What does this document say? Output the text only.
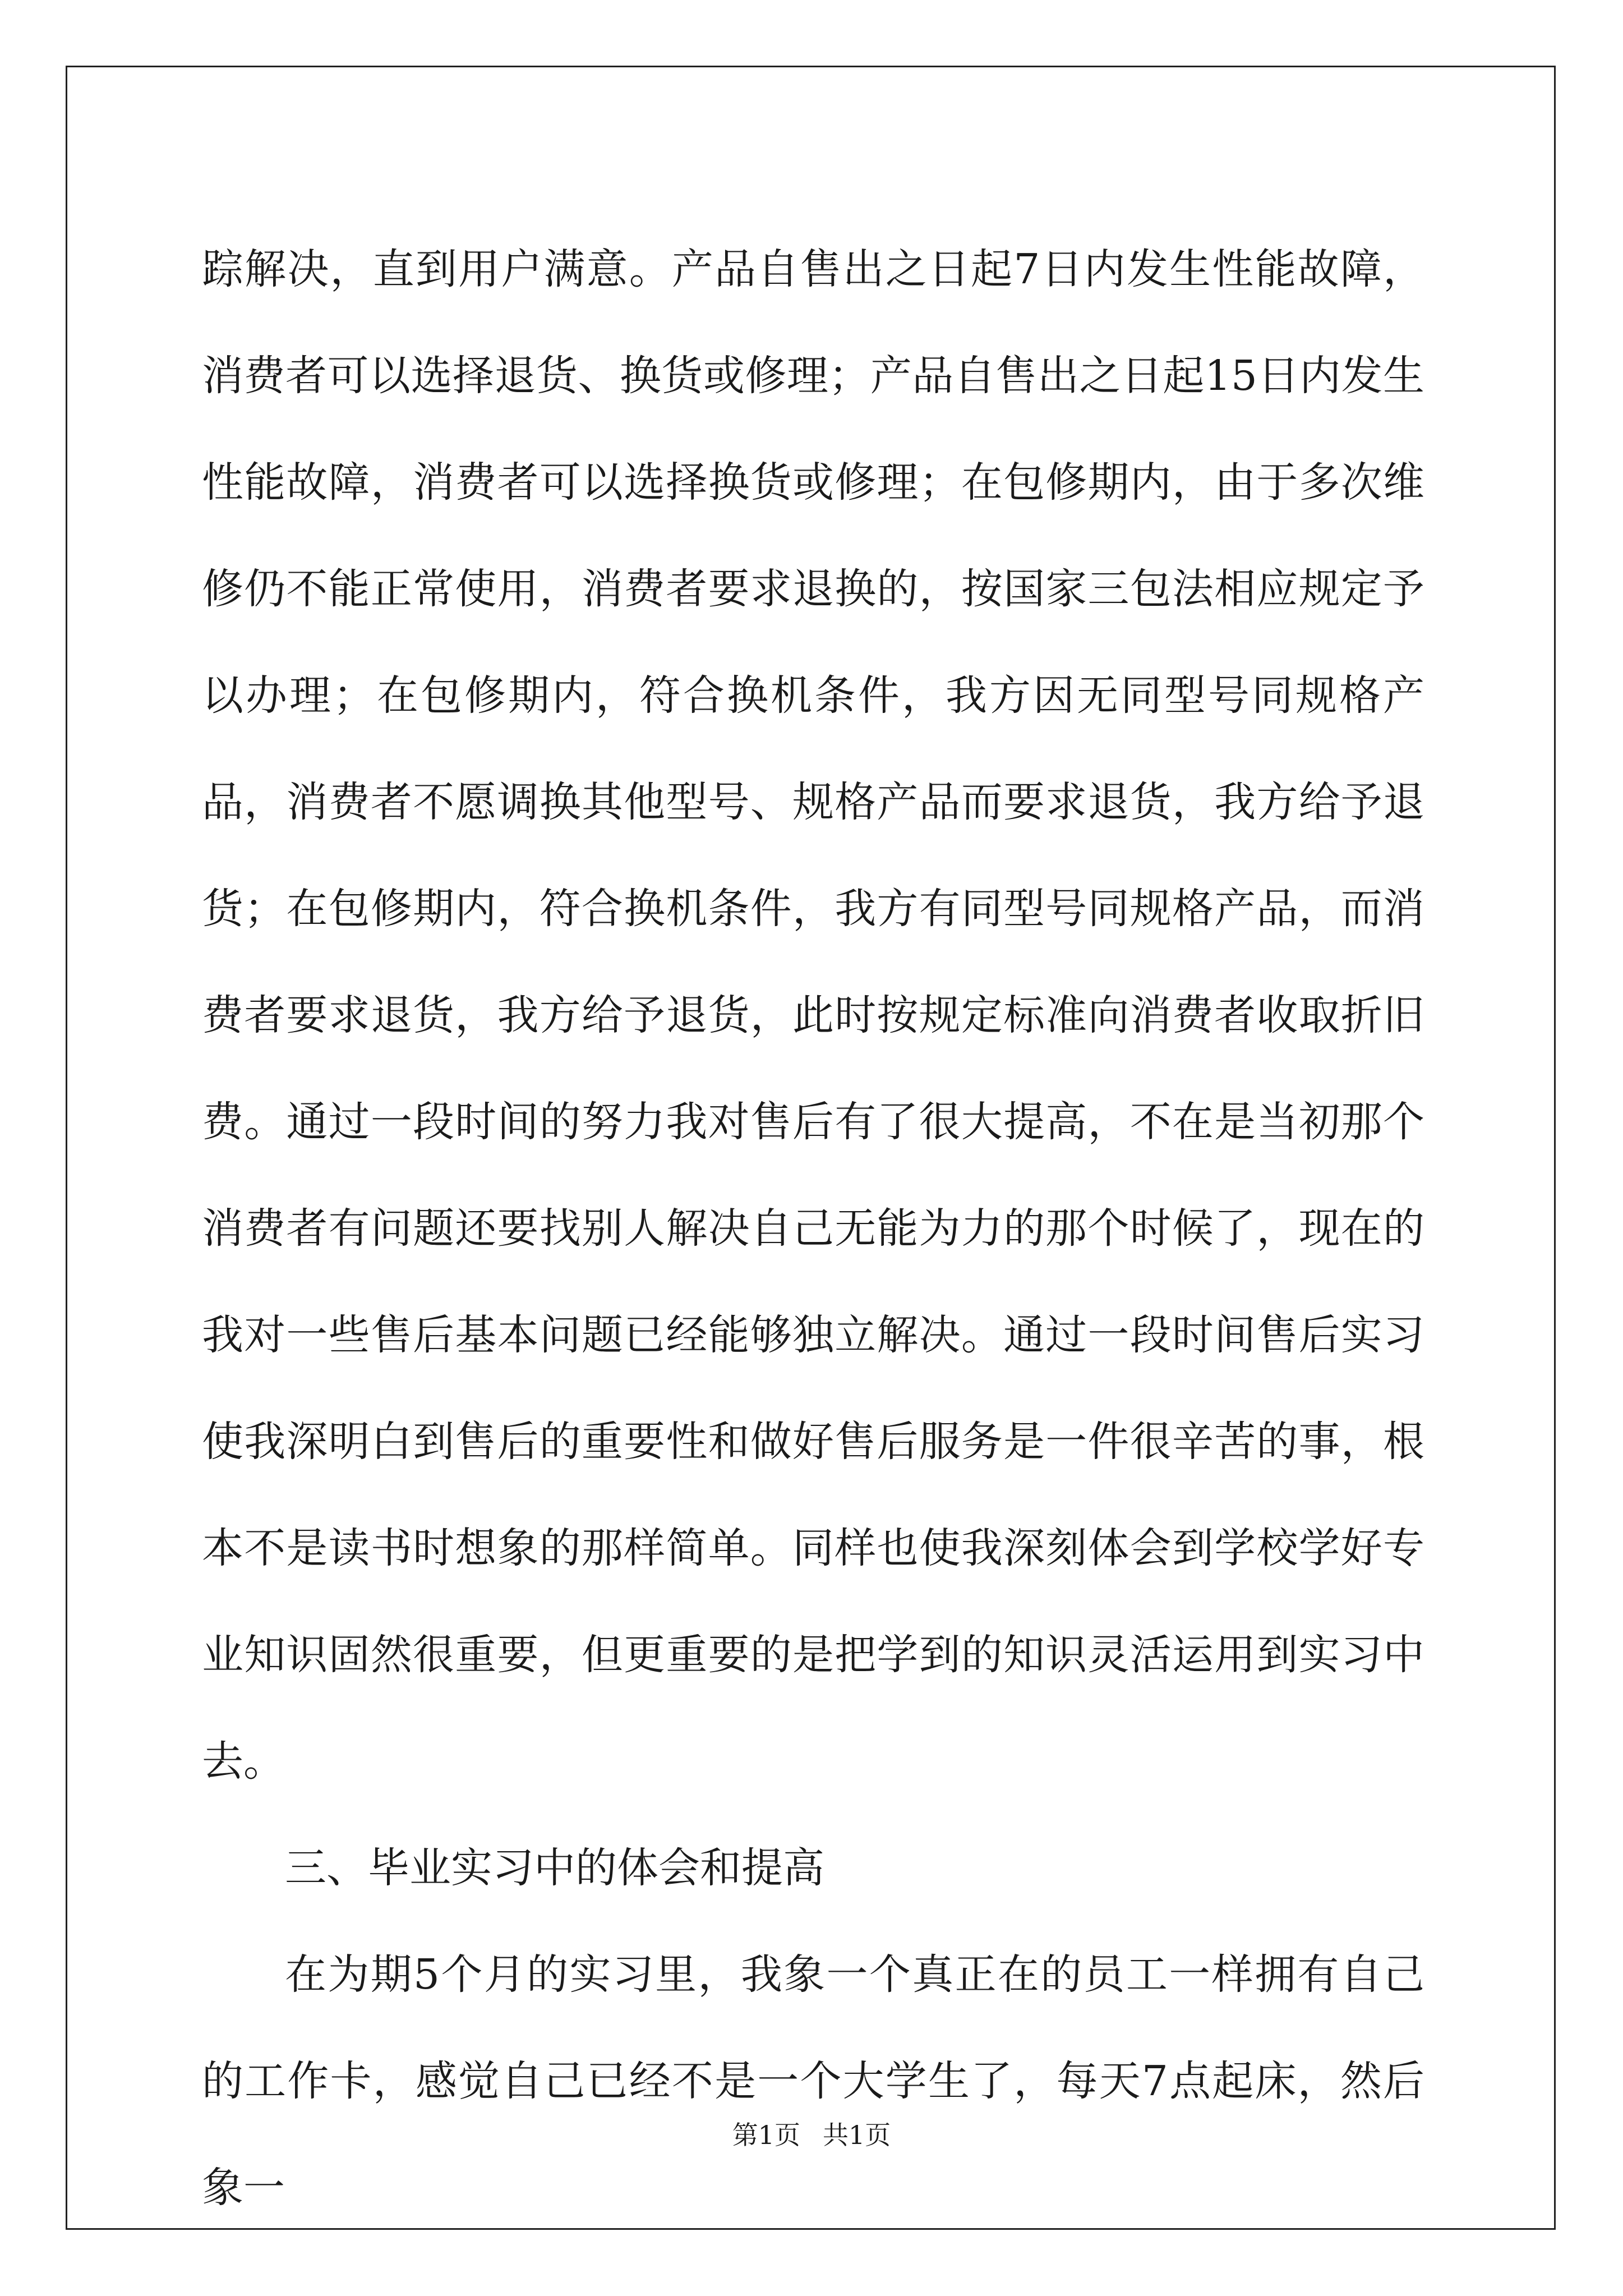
踪解决，直到用户满意。产品自售出之日起7日内发生性能故障，消费者可以选择退货、换货或修理；产品自售出之日起15日内发生性能故障，消费者可以选择换货或修理；在包修期内，由于多次维修仍不能正常使用，消费者要求退换的，按国家三包法相应规定予以办理；在包修期内，符合换机条件，我方因无同型号同规格产品，消费者不愿调换其他型号、规格产品而要求退货，我方给予退货；在包修期内，符合换机条件，我方有同型号同规格产品，而消费者要求退货，我方给予退货，此时按规定标准向消费者收取折旧费。通过一段时间的努力我对售后有了很大提高，不在是当初那个消费者有问题还要找别人解决自己无能为力的那个时候了，现在的我对一些售后基本问题已经能够独立解决。通过一段时间售后实习使我深明白到售后的重要性和做好售后服务是一件很辛苦的事，根本不是读书时想象的那样简单。同样也使我深刻体会到学校学好专业知识固然很重要，但更重要的是把学到的知识灵活运用到实习中去。

三、毕业实习中的体会和提高

在为期5个月的实习里，我象一个真正在的员工一样拥有自己的工作卡，感觉自己已经不是一个大学生了，每天7点起床，然后象一

第1页 共1页
